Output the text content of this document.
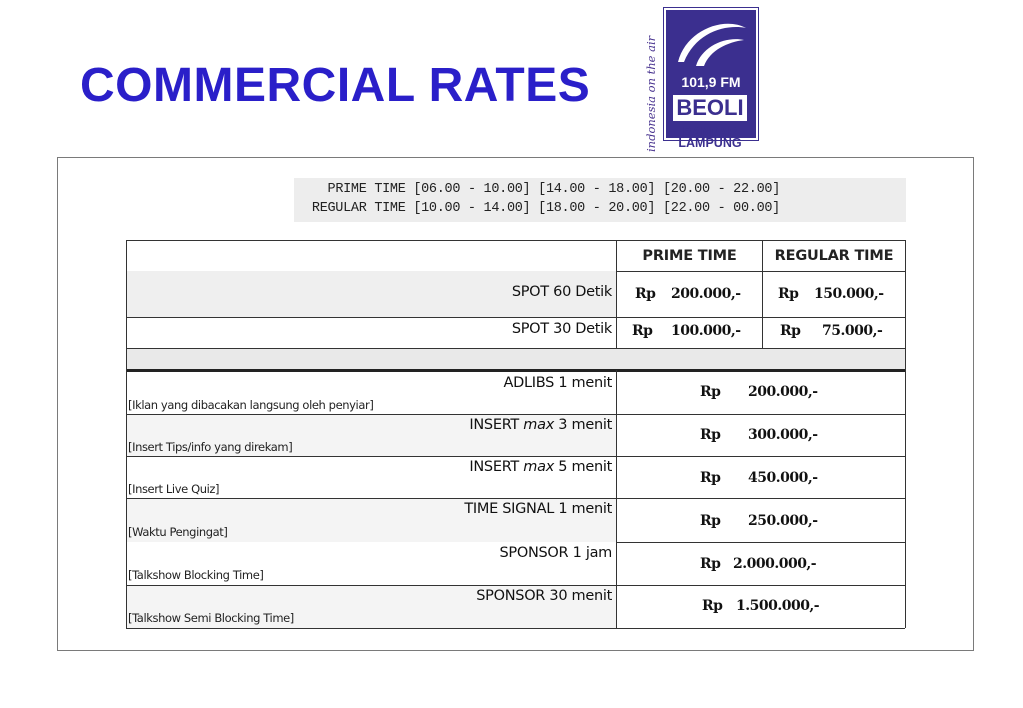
COMMERCIAL RATES	indonesia on the air	101,9 FM
BEOLI
BANDAR
LAMPUNG
PRIME TIME [06.00 - 10.00] [14.00 - 18.00] [20.00 - 22.00]
REGULAR TIME [10.00 - 14.00] [18.00 - 20.00] [22.00 - 00.00]
PRIME TIME	REGULAR TIME
SPOT 60 Detik Rp 200.000,-	Rp 150.000,-
SPOT 30 Detik Rp 100.000,-	Rp 75.000,-
ADLIBS 1 menit
[Iklan yang dibacakan langsung oleh penyiar]
Rp 200.000,-
INSERT max 3 menit
[Insert Tips/info yang direkam]
Rp 300.000,-
INSERT max 5 menit
[Insert Live Quiz]
Rp 450.000,-
TIME SIGNAL 1 menit
[Waktu Pengingat]
Rp 250.000,-
SPONSOR 1 jam
[Talkshow Blocking Time]
Rp 2.000.000,-
SPONSOR 30 menit
[Talkshow Semi Blocking Time]
Rp 1.500.000,-
